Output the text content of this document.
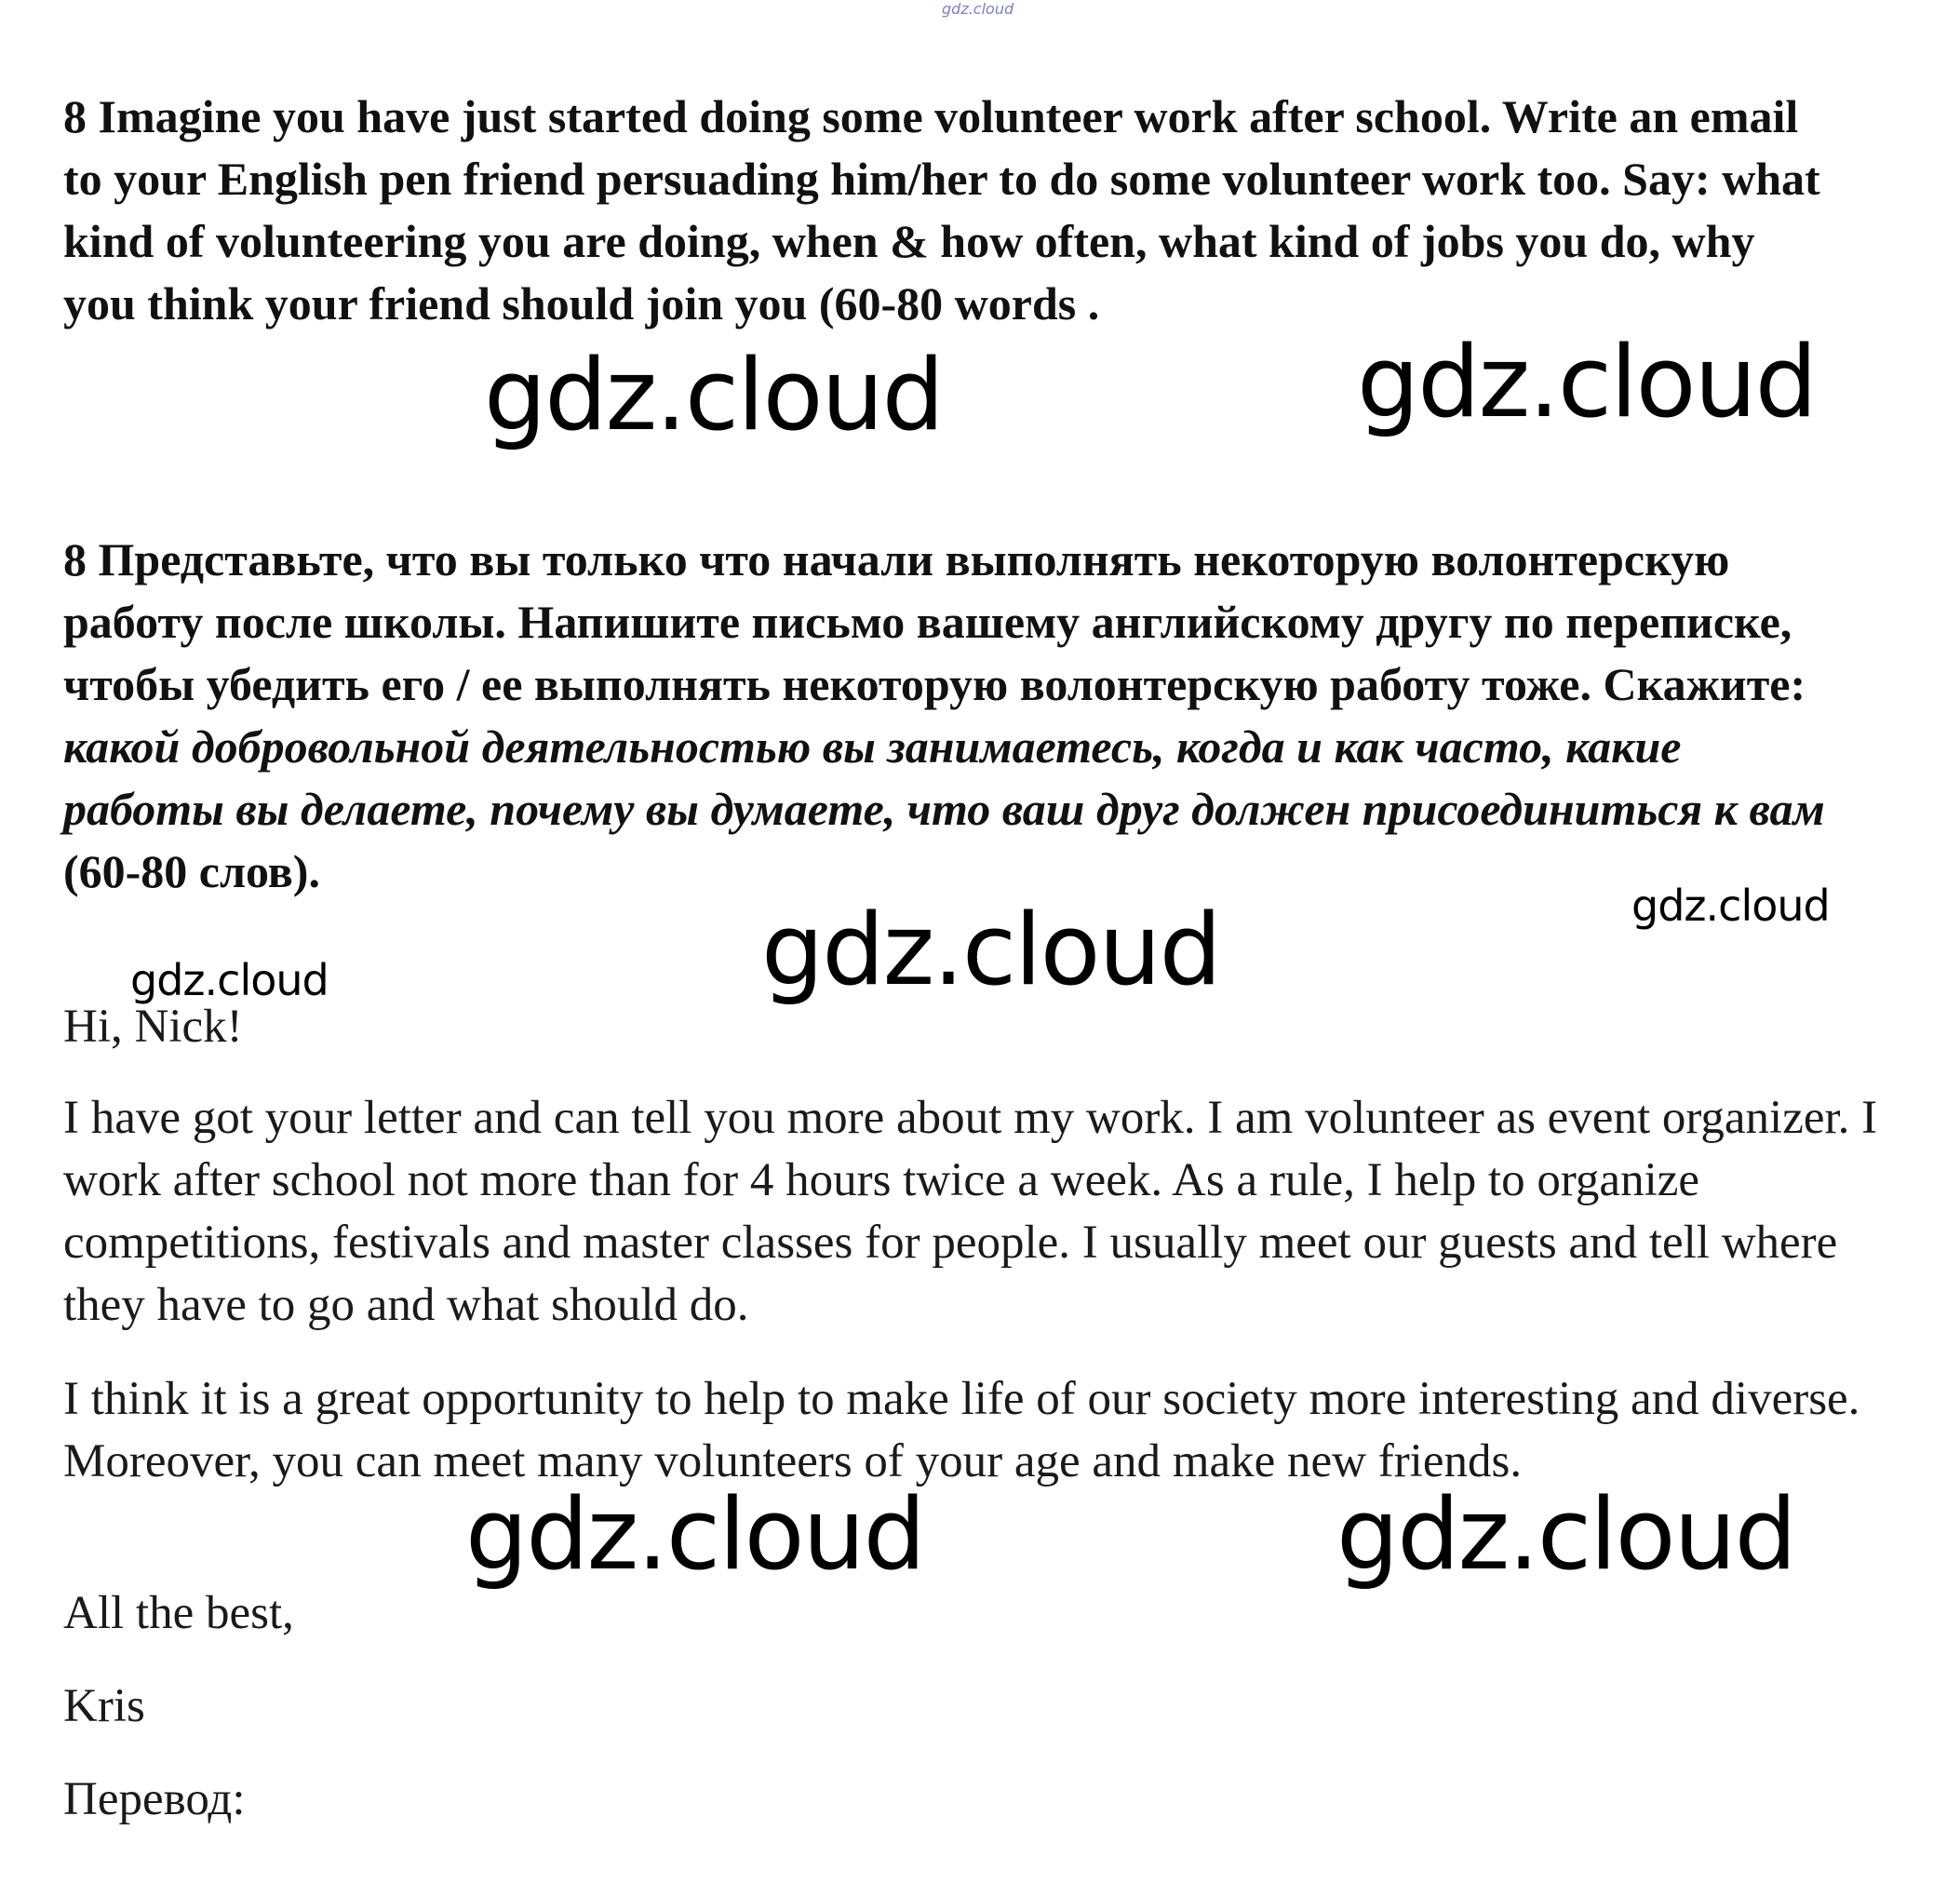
gdz.cloud

8 Imagine you have just started doing some volunteer work after school. Write an email to your English pen friend persuading him/her to do some volunteer work too. Say: what kind of volunteering you are doing, when & how often, what kind of jobs you do, why you think your friend should join you (60-80 words .

8 Представьте, что вы только что начали выполнять некоторую волонтерскую работу после школы. Напишите письмо вашему английскому другу по переписке, чтобы убедить его / ее выполнять некоторую волонтерскую работу тоже. Скажите: какой добровольной деятельностью вы занимаетесь, когда и как часто, какие работы вы делаете, почему вы думаете, что ваш друг должен присоединиться к вам (60-80 слов).

Hi, Nick!

I have got your letter and can tell you more about my work. I am volunteer as event organizer. I work after school not more than for 4 hours twice a week. As a rule, I help to organize competitions, festivals and master classes for people. I usually meet our guests and tell where they have to go and what should do.

I think it is a great opportunity to help to make life of our society more interesting and diverse. Moreover, you can meet many volunteers of your age and make new friends.

All the best,

Kris

Перевод:

gdz.cloud	gdz.cloud
gdz.cloud	gdz.cloud
gdz.cloud
gdz.cloud	gdz.cloud
